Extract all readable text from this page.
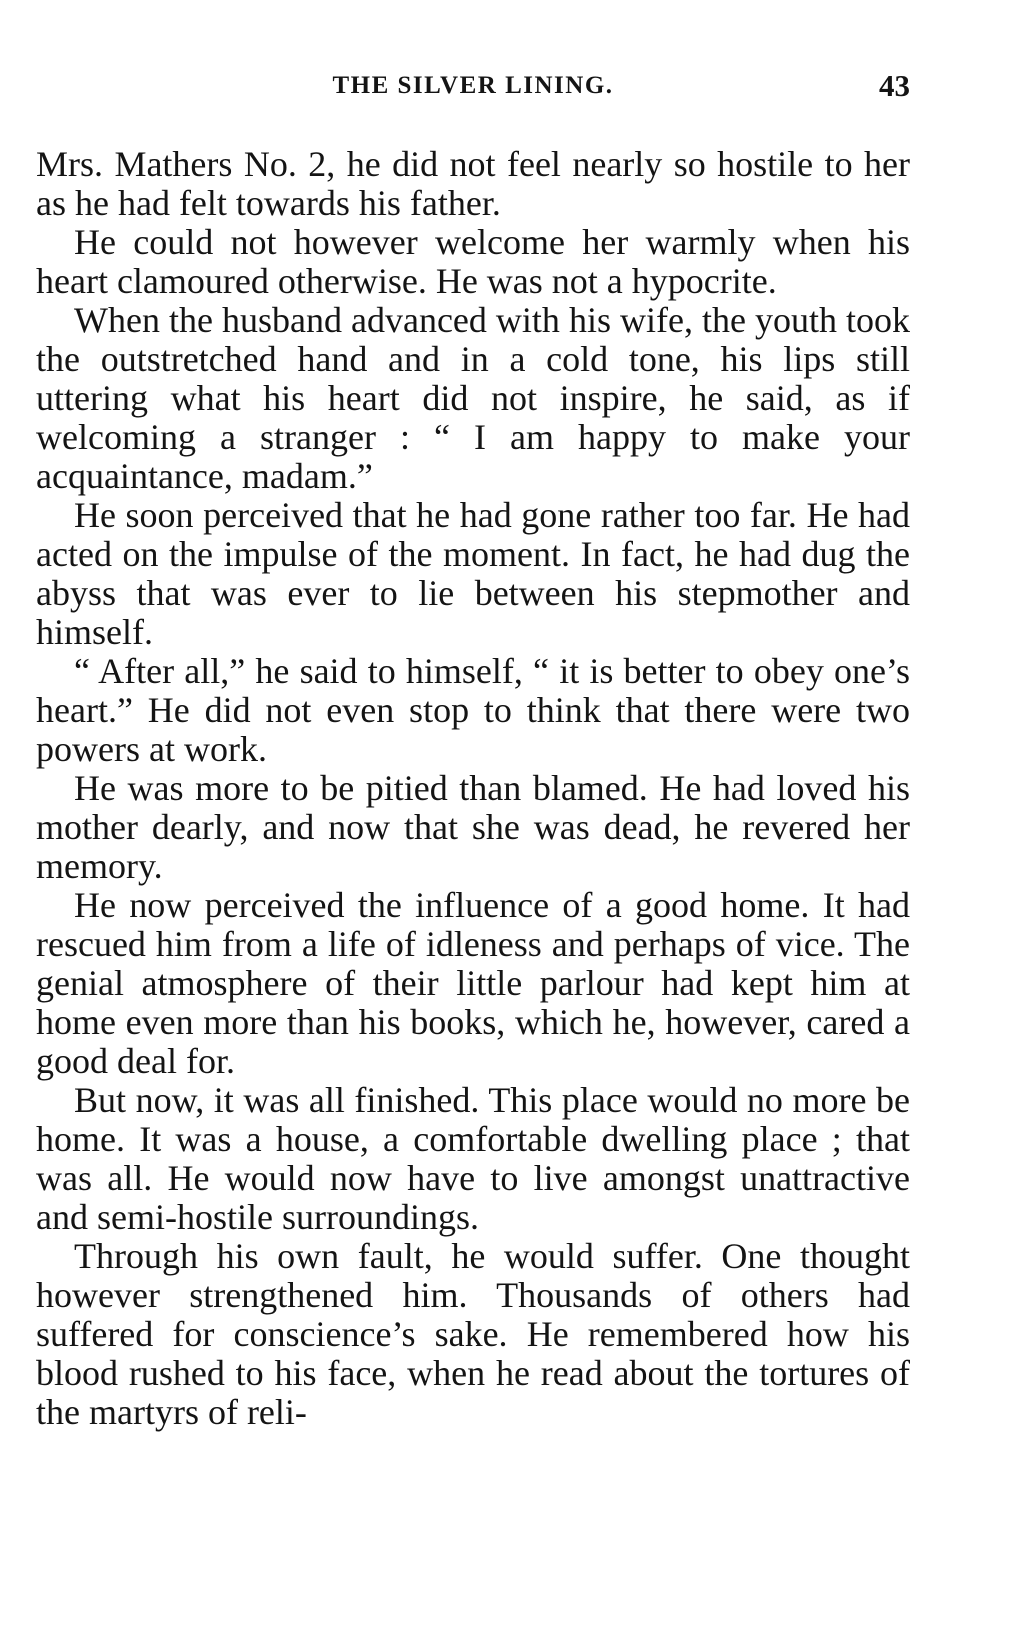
THE SILVER LINING.	43

Mrs. Mathers No. 2, he did not feel nearly so hostile to her as he had felt towards his father.

He could not however welcome her warmly when his heart clamoured otherwise. He was not a hypocrite.

When the husband advanced with his wife, the youth took the outstretched hand and in a cold tone, his lips still uttering what his heart did not inspire, he said, as if welcoming a stranger : “ I am happy to make your acquaintance, madam.”

He soon perceived that he had gone rather too far. He had acted on the impulse of the moment. In fact, he had dug the abyss that was ever to lie between his stepmother and himself.

“ After all,” he said to himself, “ it is better to obey one’s heart.” He did not even stop to think that there were two powers at work.

He was more to be pitied than blamed. He had loved his mother dearly, and now that she was dead, he revered her memory.

He now perceived the influence of a good home. It had rescued him from a life of idleness and perhaps of vice. The genial atmosphere of their little parlour had kept him at home even more than his books, which he, however, cared a good deal for.

But now, it was all finished. This place would no more be home. It was a house, a comfortable dwelling place ; that was all. He would now have to live amongst unattractive and semi-hostile surroundings.

Through his own fault, he would suffer. One thought however strengthened him. Thousands of others had suffered for conscience’s sake. He remembered how his blood rushed to his face, when he read about the tortures of the martyrs of reli-
